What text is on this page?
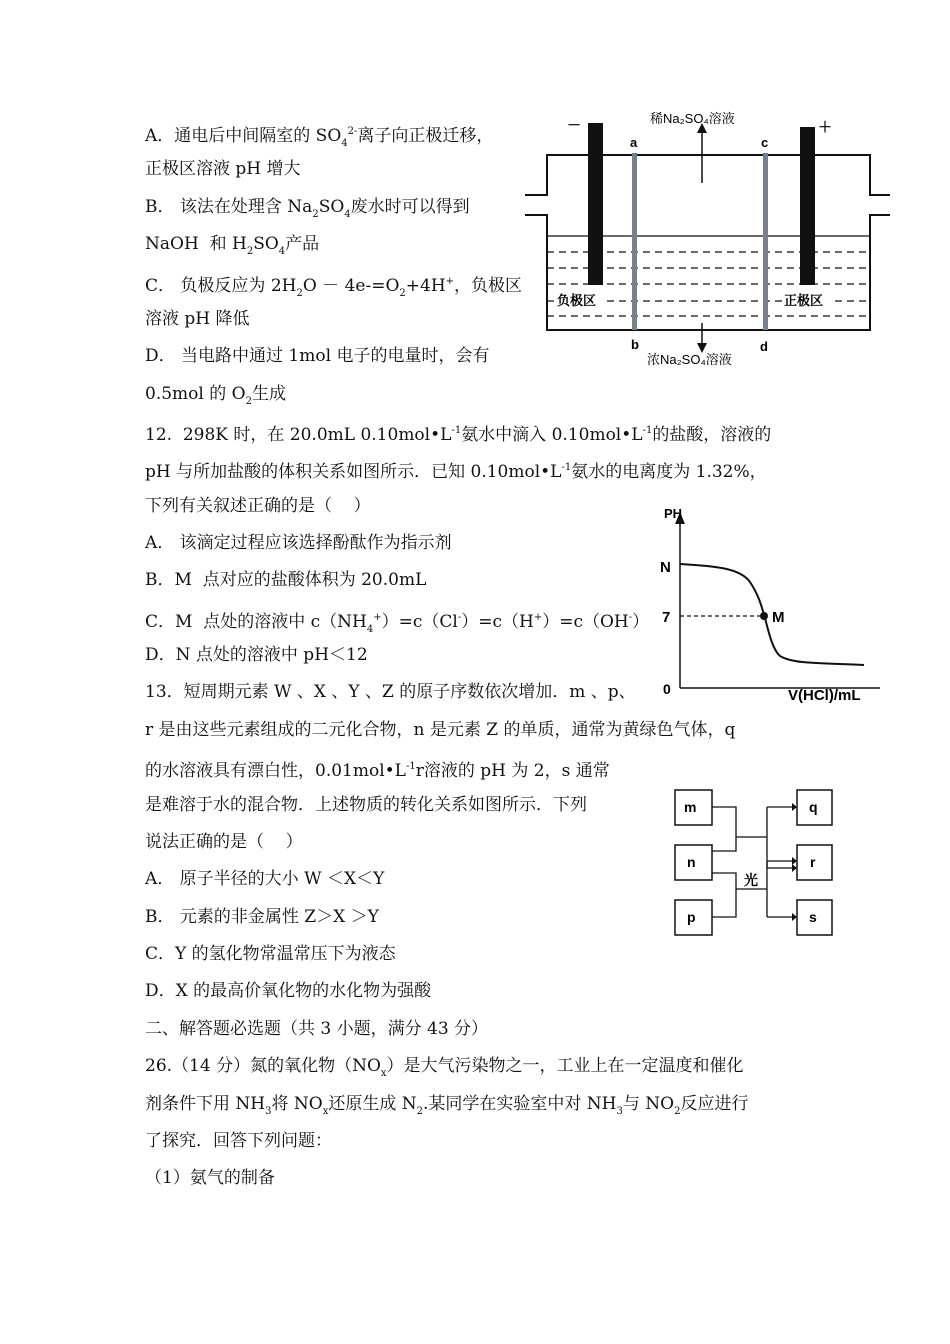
A．通电后中间隔室的 $SO_4^{2-}$离子向正极迁移，
正极区溶液 pH 增大
B． 该法在处理含 $Na_2SO_4$废水时可以得到
NaOH  和 $H_2SO_4$产品
C． 负极反应为 $2H_2O - 4e-=O_2+4H^+$，负极区
溶液 pH 降低
D． 当电路中通过 1mol 电子的电量时，会有
0.5mol 的 $O_2$生成
稀Na₂SO₄溶液
浓Na₂SO₄溶液
－	＋
a	c
b	d
负极区	正极区
12.  298K 时，在 20.0mL $0.10mol•L^{-1}$氨水中滴入 $0.10mol•L^{-1}$的盐酸，溶液的
pH 与所加盐酸的体积关系如图所示．已知 $0.10mol•L^{-1}$氨水的电离度为 1.32%，
下列有关叙述正确的是（    ）
A． 该滴定过程应该选择酚酞作为指示剂
B．M  点对应的盐酸体积为 20.0mL
C．M  点处的溶液中 $c(NH_4^+)=c(Cl^-)=c(H^+)=c(OH^-)$
D．N 点处的溶液中 pH＜12
PH
N
7
0	V(HCl)/mL
M
13．短周期元素 W 、X 、Y 、Z 的原子序数依次增加．m 、p、
r 是由这些元素组成的二元化合物，n 是元素 Z 的单质，通常为黄绿色气体，q
的水溶液具有漂白性，$0.01mol•L^{-1}r$溶液的 pH 为 2，s 通常
是难溶于水的混合物．上述物质的转化关系如图所示．下列
说法正确的是（    ）
A． 原子半径的大小 W ＜X＜Y
B． 元素的非金属性 Z＞X ＞Y
C．Y 的氢化物常温常压下为液态
D．X 的最高价氧化物的水化物为强酸
m
n
p
q
r
s
光
二、解答题必选题（共 3 小题，满分 43 分）
26.（14 分）氮的氧化物$(NO_x)$是大气污染物之一，工业上在一定温度和催化
剂条件下用 $NH_3$将 $NO_x$还原生成 $N_2$.某同学在实验室中对 $NH_3$与 $NO_2$反应进行
了探究．回答下列问题：
（1）氨气的制备
